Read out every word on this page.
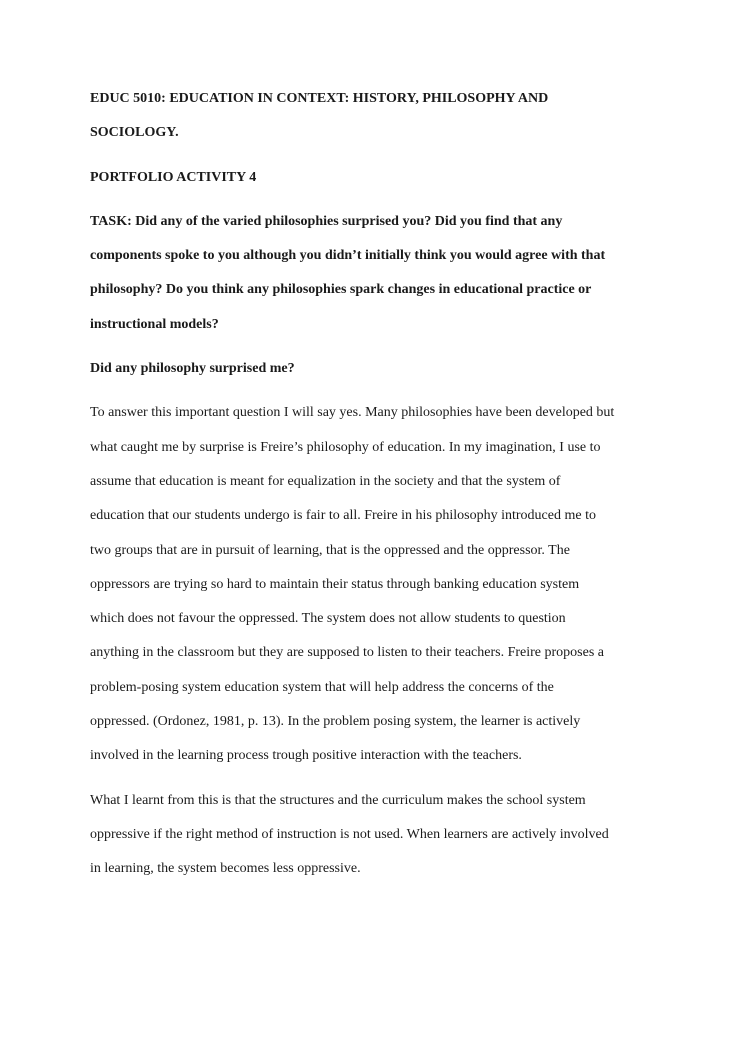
EDUC 5010: EDUCATION IN CONTEXT: HISTORY, PHILOSOPHY AND
SOCIOLOGY.
PORTFOLIO ACTIVITY 4
TASK: Did any of the varied philosophies surprised you? Did you find that any
components spoke to you although you didn’t initially think you would agree with that
philosophy? Do you think any philosophies spark changes in educational practice or
instructional models?
Did any philosophy surprised me?
To answer this important question I will say yes. Many philosophies have been developed but
what caught me by surprise is Freire’s philosophy of education. In my imagination, I use to
assume that education is meant for equalization in the society and that the system of
education that our students undergo is fair to all. Freire in his philosophy introduced me to
two groups that are in pursuit of learning, that is the oppressed and the oppressor. The
oppressors are trying so hard to maintain their status through banking education system
which does not favour the oppressed. The system does not allow students to question
anything in the classroom but they are supposed to listen to their teachers. Freire proposes a
problem-posing system education system that will help address the concerns of the
oppressed. (Ordonez, 1981, p. 13). In the problem posing system, the learner is actively
involved in the learning process trough positive interaction with the teachers.
What I learnt from this is that the structures and the curriculum makes the school system
oppressive if the right method of instruction is not used. When learners are actively involved
in learning, the system becomes less oppressive.
